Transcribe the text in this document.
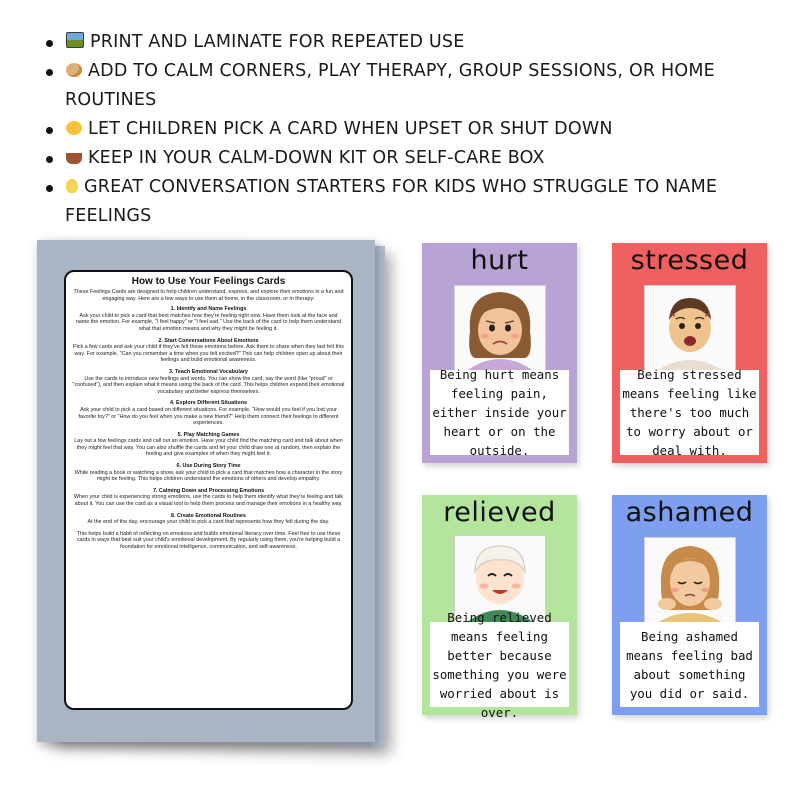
PRINT AND LAMINATE FOR REPEATED USE
ADD TO CALM CORNERS, PLAY THERAPY, GROUP SESSIONS, OR HOME
ROUTINES
LET CHILDREN PICK A CARD WHEN UPSET OR SHUT DOWN
KEEP IN YOUR CALM-DOWN KIT OR SELF-CARE BOX
GREAT CONVERSATION STARTERS FOR KIDS WHO STRUGGLE TO NAME
FEELINGS
How to Use Your Feelings Cards
These Feelings Cards are designed to help children understand, express, and explore their emotions in a fun and engaging way. Here are a few ways to use them at home, in the classroom, or in therapy:
1. Identify and Name Feelings

Ask your child to pick a card that best matches how they're feeling right now. Have them look at the face and name the emotion. For example, "I feel happy" or "I feel sad." Use the back of the card to help them understand what that emotion means and why they might be feeling it.

2. Start Conversations About Emotions

Pick a few cards and ask your child if they've felt these emotions before. Ask them to share when they last felt this way. For example, "Can you remember a time when you felt excited?" This can help children open up about their feelings and build emotional awareness.

3. Teach Emotional Vocabulary

Use the cards to introduce new feelings and words. You can show the card, say the word (like "proud" or "confused"), and then explain what it means using the back of the card. This helps children expand their emotional vocabulary and better express themselves.

4. Explore Different Situations

Ask your child to pick a card based on different situations. For example, "How would you feel if you lost your favorite toy?" or "How do you feel when you make a new friend?" Help them connect their feelings to different experiences.

5. Play Matching Games

Lay out a few feelings cards and call out an emotion. Have your child find the matching card and talk about when they might feel that way. You can also shuffle the cards and let your child draw one at random, then explain the feeling and give examples of when they might feel it.

6. Use During Story Time

While reading a book or watching a show, ask your child to pick a card that matches how a character in the story might be feeling. This helps children understand the emotions of others and develop empathy.

7. Calming Down and Processing Emotions

When your child is experiencing strong emotions, use the cards to help them identify what they're feeling and talk about it. You can use the card as a visual tool to help them process and manage their emotions in a healthy way.

8. Create Emotional Routines

At the end of the day, encourage your child to pick a card that represents how they felt during the day.

This helps build a habit of reflecting on emotions and builds emotional literacy over time. Feel free to use these cards in ways that best suit your child's emotional development. By regularly using them, you're helping build a foundation for emotional intelligence, communication, and self-awareness.

hurt
Being hurt means feeling pain, either inside your heart or on the outside.
stressed
Being stressed means feeling like there's too much to worry about or deal with.
relieved
Being relieved means feeling better because something you were worried about is over.
ashamed
Being ashamed means feeling bad about something you did or said.
